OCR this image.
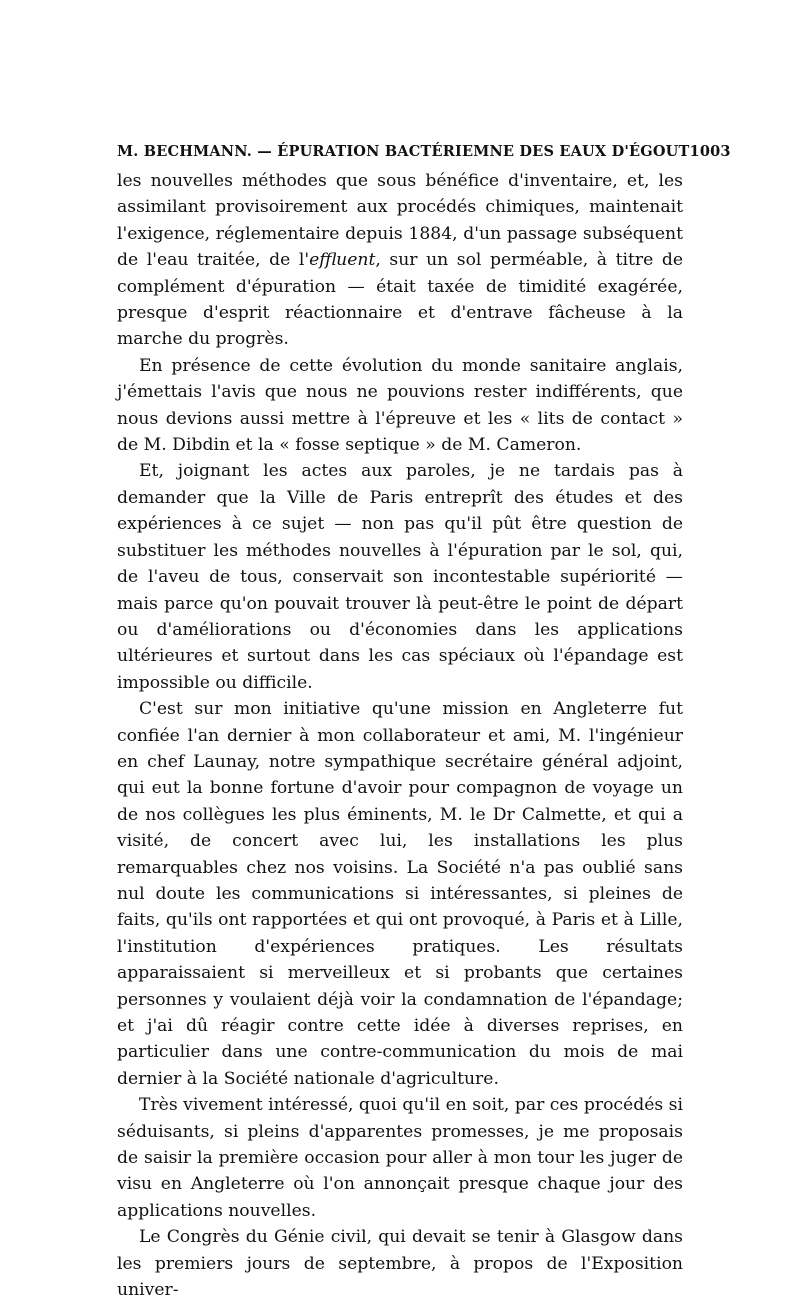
M. BECHMANN. — ÉPURATION BACTÉRIEMNE DES EAUX D'ÉGOUT 1003

les nouvelles méthodes que sous bénéfice d'inventaire, et, les assimilant provisoirement aux procédés chimiques, maintenait l'exigence, réglementaire depuis 1884, d'un passage subséquent de l'eau traitée, de l'effluent, sur un sol perméable, à titre de complément d'épuration — était taxée de timidité exagérée, presque d'esprit réactionnaire et d'entrave fâcheuse à la marche du progrès.

En présence de cette évolution du monde sanitaire anglais, j'émettais l'avis que nous ne pouvions rester indifférents, que nous devions aussi mettre à l'épreuve et les « lits de contact » de M. Dibdin et la « fosse septique » de M. Cameron.

Et, joignant les actes aux paroles, je ne tardais pas à demander que la Ville de Paris entreprît des études et des expériences à ce sujet — non pas qu'il pût être question de substituer les méthodes nouvelles à l'épuration par le sol, qui, de l'aveu de tous, conservait son incontestable supériorité — mais parce qu'on pouvait trouver là peut-être le point de départ ou d'améliorations ou d'économies dans les applications ultérieures et surtout dans les cas spéciaux où l'épandage est impossible ou difficile.

C'est sur mon initiative qu'une mission en Angleterre fut confiée l'an dernier à mon collaborateur et ami, M. l'ingénieur en chef Launay, notre sympathique secrétaire général adjoint, qui eut la bonne fortune d'avoir pour compagnon de voyage un de nos collègues les plus éminents, M. le Dr Calmette, et qui a visité, de concert avec lui, les installations les plus remarquables chez nos voisins. La Société n'a pas oublié sans nul doute les communications si intéressantes, si pleines de faits, qu'ils ont rapportées et qui ont provoqué, à Paris et à Lille, l'institution d'expériences pratiques. Les résultats apparaissaient si merveilleux et si probants que certaines personnes y voulaient déjà voir la condamnation de l'épandage; et j'ai dû réagir contre cette idée à diverses reprises, en particulier dans une contre-communication du mois de mai dernier à la Société nationale d'agriculture.

Très vivement intéressé, quoi qu'il en soit, par ces procédés si séduisants, si pleins d'apparentes promesses, je me proposais de saisir la première occasion pour aller à mon tour les juger de visu en Angleterre où l'on annonçait presque chaque jour des applications nouvelles.

Le Congrès du Génie civil, qui devait se tenir à Glasgow dans les premiers jours de septembre, à propos de l'Exposition univer-
